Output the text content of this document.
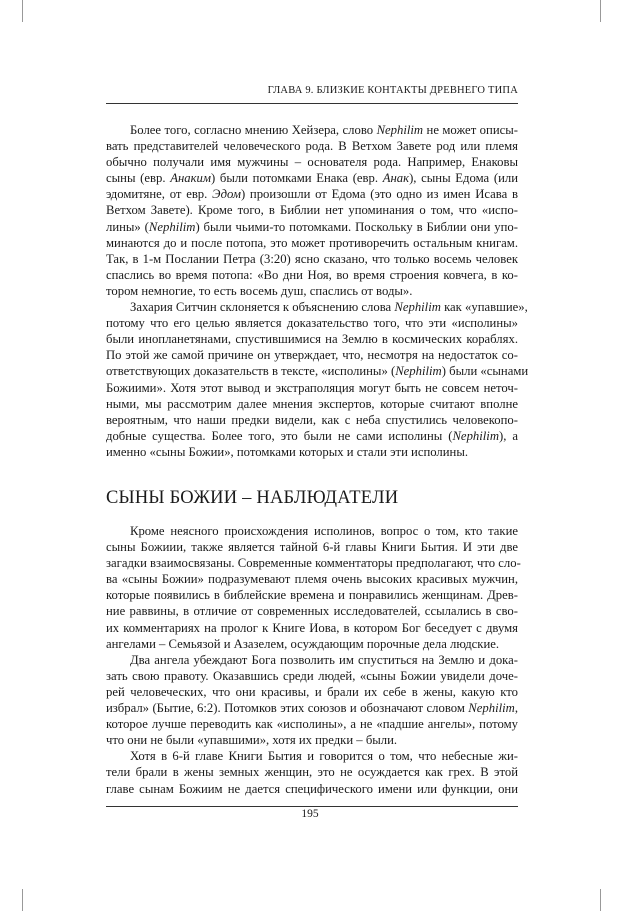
ГЛАВА 9. БЛИЗКИЕ КОНТАКТЫ ДРЕВНЕГО ТИПА
Более того, согласно мнению Хейзера, слово Nephilim не может описы-
вать представителей человеческого рода. В Ветхом Завете род или племя
обычно получали имя мужчины – основателя рода. Например, Енаковы
сыны (евр. Анаким) были потомками Енака (евр. Анак), сыны Едома (или
эдомитяне, от евр. Эдом) произошли от Едома (это одно из имен Исава в
Ветхом Завете). Кроме того, в Библии нет упоминания о том, что «испо-
лины» (Nephilim) были чьими-то потомками. Поскольку в Библии они упо-
минаются до и после потопа, это может противоречить остальным книгам.
Так, в 1-м Послании Петра (3:20) ясно сказано, что только восемь человек
спаслись во время потопа: «Во дни Ноя, во время строения ковчега, в ко-
тором немногие, то есть восемь душ, спаслись от воды».
Захария Ситчин склоняется к объяснению слова Nephilim как «упавшие»,
потому что его целью является доказательство того, что эти «исполины»
были инопланетянами, спустившимися на Землю в космических кораблях.
По этой же самой причине он утверждает, что, несмотря на недостаток со-
ответствующих доказательств в тексте, «исполины» (Nephilim) были «сынами
Божиими». Хотя этот вывод и экстраполяция могут быть не совсем неточ-
ными, мы рассмотрим далее мнения экспертов, которые считают вполне
вероятным, что наши предки видели, как с неба спустились человекопо-
добные существа. Более того, это были не сами исполины (Nephilim), а
именно «сыны Божии», потомками которых и стали эти исполины.
СЫНЫ БОЖИИ – НАБЛЮДАТЕЛИ
Кроме неясного происхождения исполинов, вопрос о том, кто такие
сыны Божиии, также является тайной 6-й главы Книги Бытия. И эти две
загадки взаимосвязаны. Современные комментаторы предполагают, что сло-
ва «сыны Божии» подразумевают племя очень высоких красивых мужчин,
которые появились в библейские времена и понравились женщинам. Древ-
ние раввины, в отличие от современных исследователей, ссылались в сво-
их комментариях на пролог к Книге Иова, в котором Бог беседует с двумя
ангелами – Семьязой и Азазелем, осуждающим порочные дела людские.
Два ангела убеждают Бога позволить им спуститься на Землю и дока-
зать свою правоту. Оказавшись среди людей, «сыны Божии увидели доче-
рей человеческих, что они красивы, и брали их себе в жены, какую кто
избрал» (Бытие, 6:2). Потомков этих союзов и обозначают словом Nephilim,
которое лучше переводить как «исполины», а не «падшие ангелы», потому
что они не были «упавшими», хотя их предки – были.
Хотя в 6-й главе Книги Бытия и говорится о том, что небесные жи-
тели брали в жены земных женщин, это не осуждается как грех. В этой
главе сынам Божиим не дается специфического имени или функции, они
195
